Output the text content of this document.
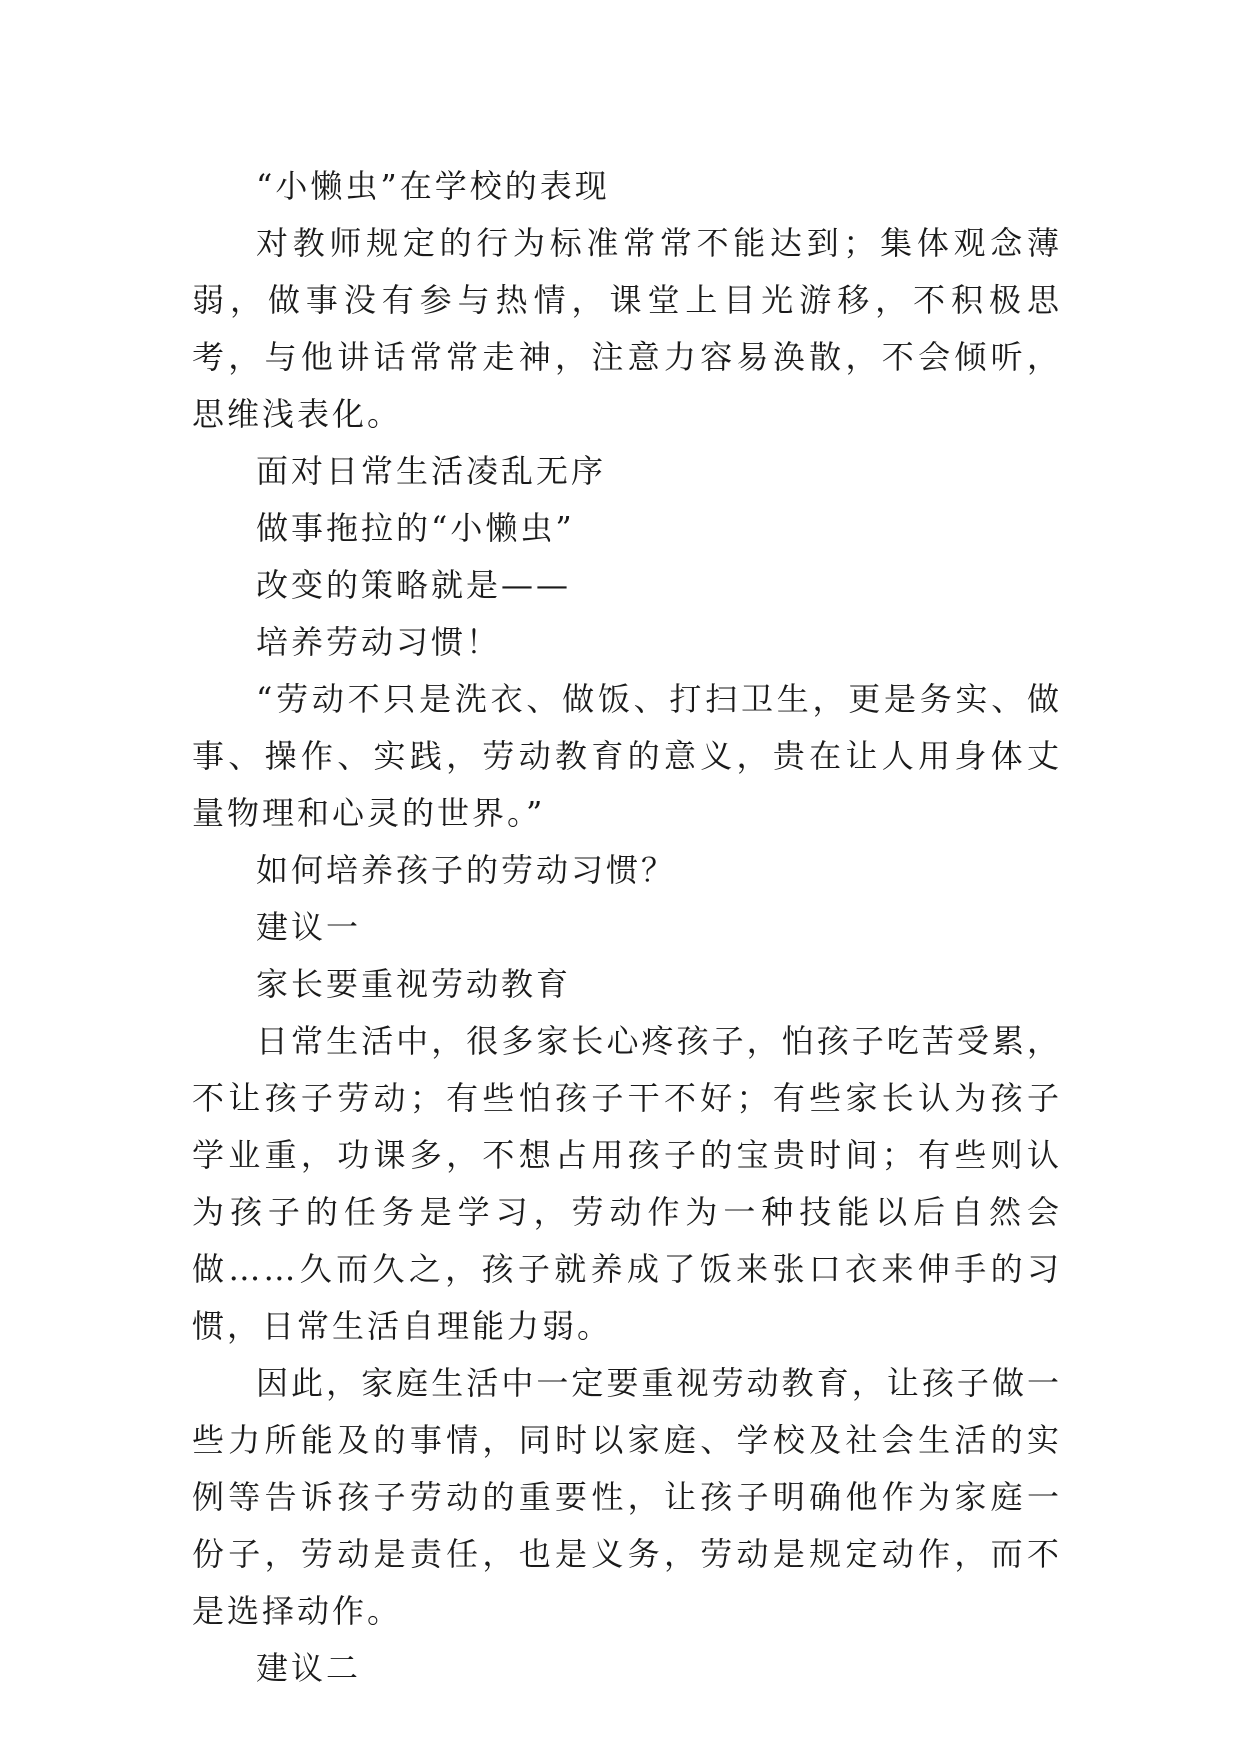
“小懒虫”在学校的表现

对教师规定的行为标准常常不能达到；集体观念薄弱，做事没有参与热情，课堂上目光游移，不积极思考，与他讲话常常走神，注意力容易涣散，不会倾听，思维浅表化。

面对日常生活凌乱无序

做事拖拉的“小懒虫”

改变的策略就是——

培养劳动习惯！

“劳动不只是洗衣、做饭、打扫卫生，更是务实、做事、操作、实践，劳动教育的意义，贵在让人用身体丈量物理和心灵的世界。”

如何培养孩子的劳动习惯？

建议一

家长要重视劳动教育

日常生活中，很多家长心疼孩子，怕孩子吃苦受累，不让孩子劳动；有些怕孩子干不好；有些家长认为孩子学业重，功课多，不想占用孩子的宝贵时间；有些则认为孩子的任务是学习，劳动作为一种技能以后自然会做……久而久之，孩子就养成了饭来张口衣来伸手的习惯，日常生活自理能力弱。

因此，家庭生活中一定要重视劳动教育，让孩子做一些力所能及的事情，同时以家庭、学校及社会生活的实例等告诉孩子劳动的重要性，让孩子明确他作为家庭一份子，劳动是责任，也是义务，劳动是规定动作，而不是选择动作。

建议二
